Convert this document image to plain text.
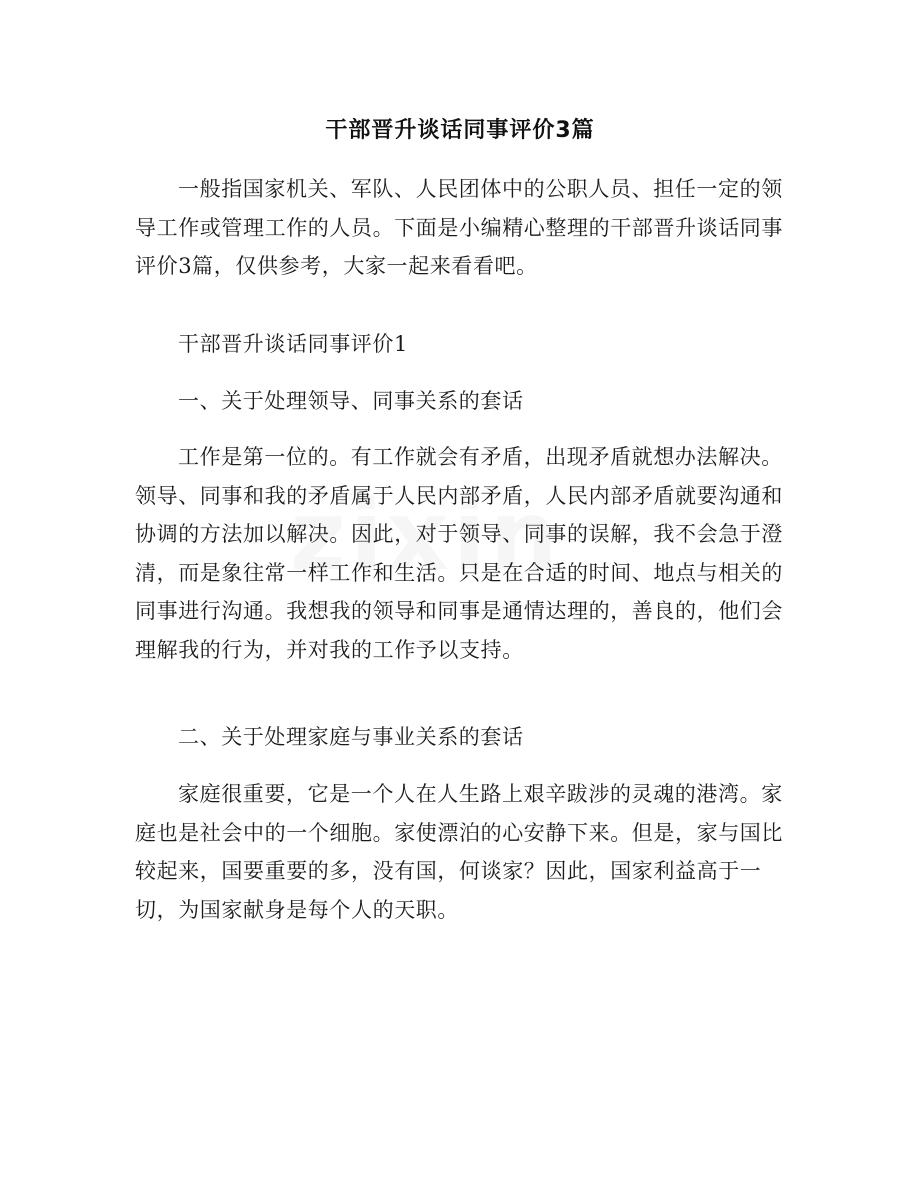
干部晋升谈话同事评价3篇

一般指国家机关、军队、人民团体中的公职人员、担任一定的领导工作或管理工作的人员。下面是小编精心整理的干部晋升谈话同事评价3篇，仅供参考，大家一起来看看吧。

干部晋升谈话同事评价1

一、关于处理领导、同事关系的套话

工作是第一位的。有工作就会有矛盾，出现矛盾就想办法解决。领导、同事和我的矛盾属于人民内部矛盾，人民内部矛盾就要沟通和协调的方法加以解决。因此，对于领导、同事的误解，我不会急于澄清，而是象往常一样工作和生活。只是在合适的时间、地点与相关的同事进行沟通。我想我的领导和同事是通情达理的，善良的，他们会理解我的行为，并对我的工作予以支持。

二、关于处理家庭与事业关系的套话

家庭很重要，它是一个人在人生路上艰辛跋涉的灵魂的港湾。家庭也是社会中的一个细胞。家使漂泊的心安静下来。但是，家与国比较起来，国要重要的多，没有国，何谈家？因此，国家利益高于一切，为国家献身是每个人的天职。
